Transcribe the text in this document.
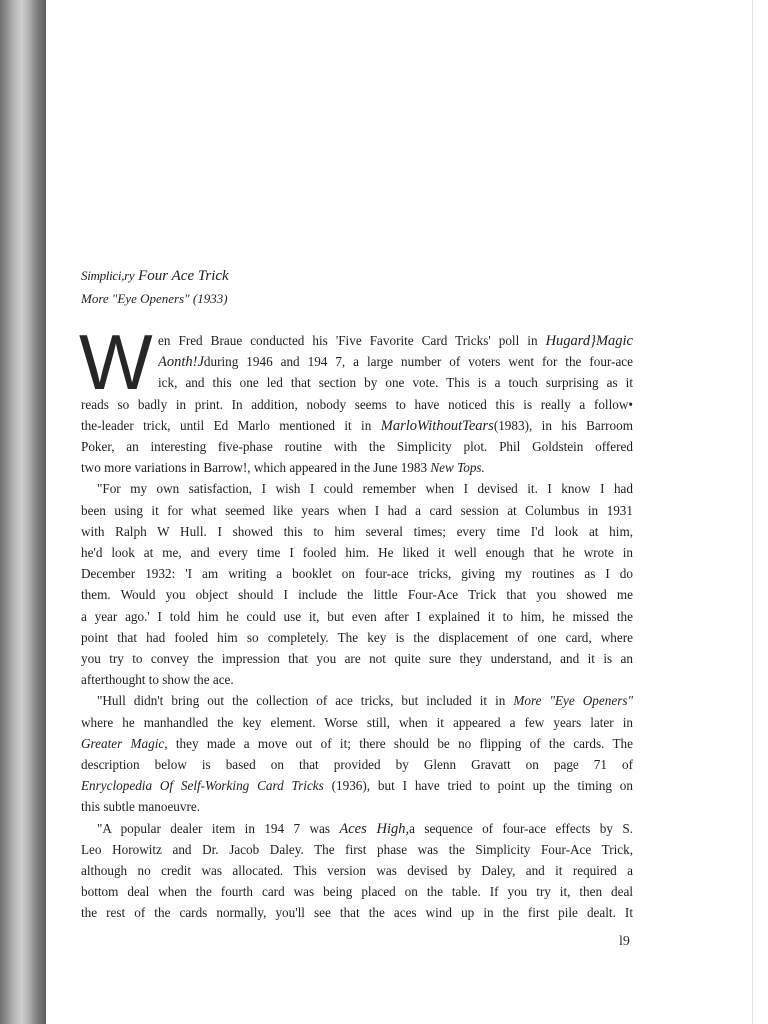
Simplici,ry Four Ace Trick
More "Eye Openers" (1933)
W en Fred Braue conducted his 'Five Favorite Card Tricks' poll in Hugard}Magic
Aonth!Jduring 1946 and 194 7, a large number of voters went for the four-ace
ick, and this one led that section by one vote. This is a touch surprising as it
reads so badly in print. In addition, nobody seems to have noticed this is really a follow•
the-leader trick, until Ed Marlo mentioned it in MarloWithoutTears(1983), in his Barroom
Poker, an interesting five-phase routine with the Simplicity plot. Phil Goldstein offered
two more variations in Barrow!, which appeared in the June 1983 New Tops.
"For my own satisfaction, I wish I could remember when I devised it. I know I had
been using it for what seemed like years when I had a card session at Columbus in 1931
with Ralph W Hull. I showed this to him several times; every time I'd look at him,
he'd look at me, and every time I fooled him. He liked it well enough that he wrote in
December 1932: 'I am writing a booklet on four-ace tricks, giving my routines as I do
them. Would you object should I include the little Four-Ace Trick that you showed me
a year ago.' I told him he could use it, but even after I explained it to him, he missed the
point that had fooled him so completely. The key is the displacement of one card, where
you try to convey the impression that you are not quite sure they understand, and it is an
afterthought to show the ace.
"Hull didn't bring out the collection of ace tricks, but included it in More "Eye Openers"
where he manhandled the key element. Worse still, when it appeared a few years later in
Greater Magic, they made a move out of it; there should be no flipping of the cards. The
description below is based on that provided by Glenn Gravatt on page 71 of
Enryclopedia Of Self-Working Card Tricks (1936), but I have tried to point up the timing on
this subtle manoeuvre.
"A popular dealer item in 194 7 was Aces High,a sequence of four-ace effects by S.
Leo Horowitz and Dr. Jacob Daley. The first phase was the Simplicity Four-Ace Trick,
although no credit was allocated. This version was devised by Daley, and it required a
bottom deal when the fourth card was being placed on the table. If you try it, then deal
the rest of the cards normally, you'll see that the aces wind up in the first pile dealt. It
l9
